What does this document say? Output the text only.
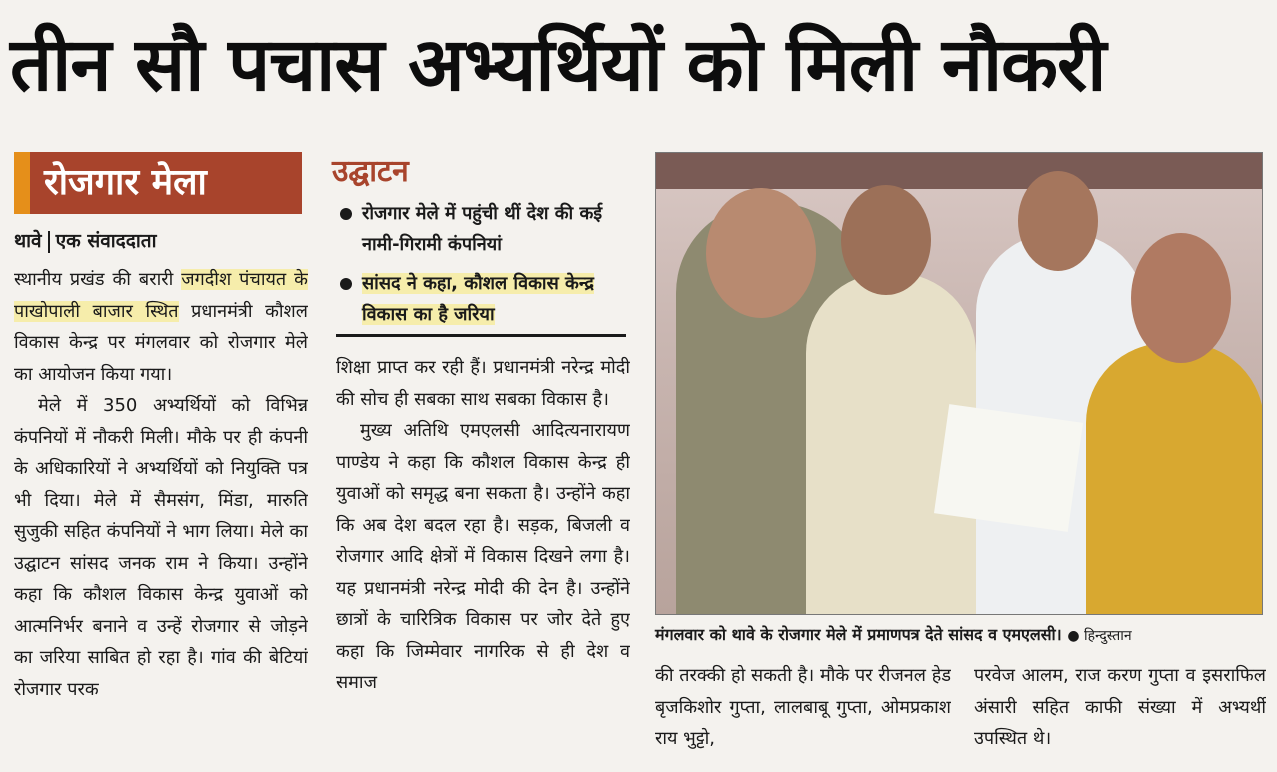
तीन सौ पचास अभ्यर्थियों को मिली नौकरी
रोजगार मेला
थावे एक संवाददाता

स्थानीय प्रखंड की बरारी जगदीश पंचायत के पाखोपाली बाजार स्थित प्रधानमंत्री कौशल विकास केन्द्र पर मंगलवार को रोजगार मेले का आयोजन किया गया।

मेले में 350 अभ्यर्थियों को विभिन्न कंपनियों में नौकरी मिली। मौके पर ही कंपनी के अधिकारियों ने अभ्यर्थियों को नियुक्ति पत्र भी दिया। मेले में सैमसंग, मिंडा, मारुति सुजुकी सहित कंपनियों ने भाग लिया। मेले का उद्घाटन सांसद जनक राम ने किया। उन्होंने कहा कि कौशल विकास केन्द्र युवाओं को आत्मनिर्भर बनाने व उन्हें रोजगार से जोड़ने का जरिया साबित हो रहा है। गांव की बेटियां रोजगार परक

उद्घाटन
रोजगार मेले में पहुंची थीं देश की कई नामी-गिरामी कंपनियां
सांसद ने कहा, कौशल विकास केन्द्र विकास का है जरिया

शिक्षा प्राप्त कर रही हैं। प्रधानमंत्री नरेन्द्र मोदी की सोच ही सबका साथ सबका विकास है।

मुख्य अतिथि एमएलसी आदित्यनारायण पाण्डेय ने कहा कि कौशल विकास केन्द्र ही युवाओं को समृद्ध बना सकता है। उन्होंने कहा कि अब देश बदल रहा है। सड़क, बिजली व रोजगार आदि क्षेत्रों में विकास दिखने लगा है। यह प्रधानमंत्री नरेन्द्र मोदी की देन है। उन्होंने छात्रों के चारित्रिक विकास पर जोर देते हुए कहा कि जिम्मेवार नागरिक से ही देश व समाज

मंगलवार को थावे के रोजगार मेले में प्रमाणपत्र देते सांसद व एमएलसी। ● हिन्दुस्तान

की तरक्की हो सकती है। मौके पर रीजनल हेड बृजकिशोर गुप्ता, लालबाबू गुप्ता, ओमप्रकाश राय भुट्टो,

परवेज आलम, राज करण गुप्ता व इसराफिल अंसारी सहित काफी संख्या में अभ्यर्थी उपस्थित थे।
